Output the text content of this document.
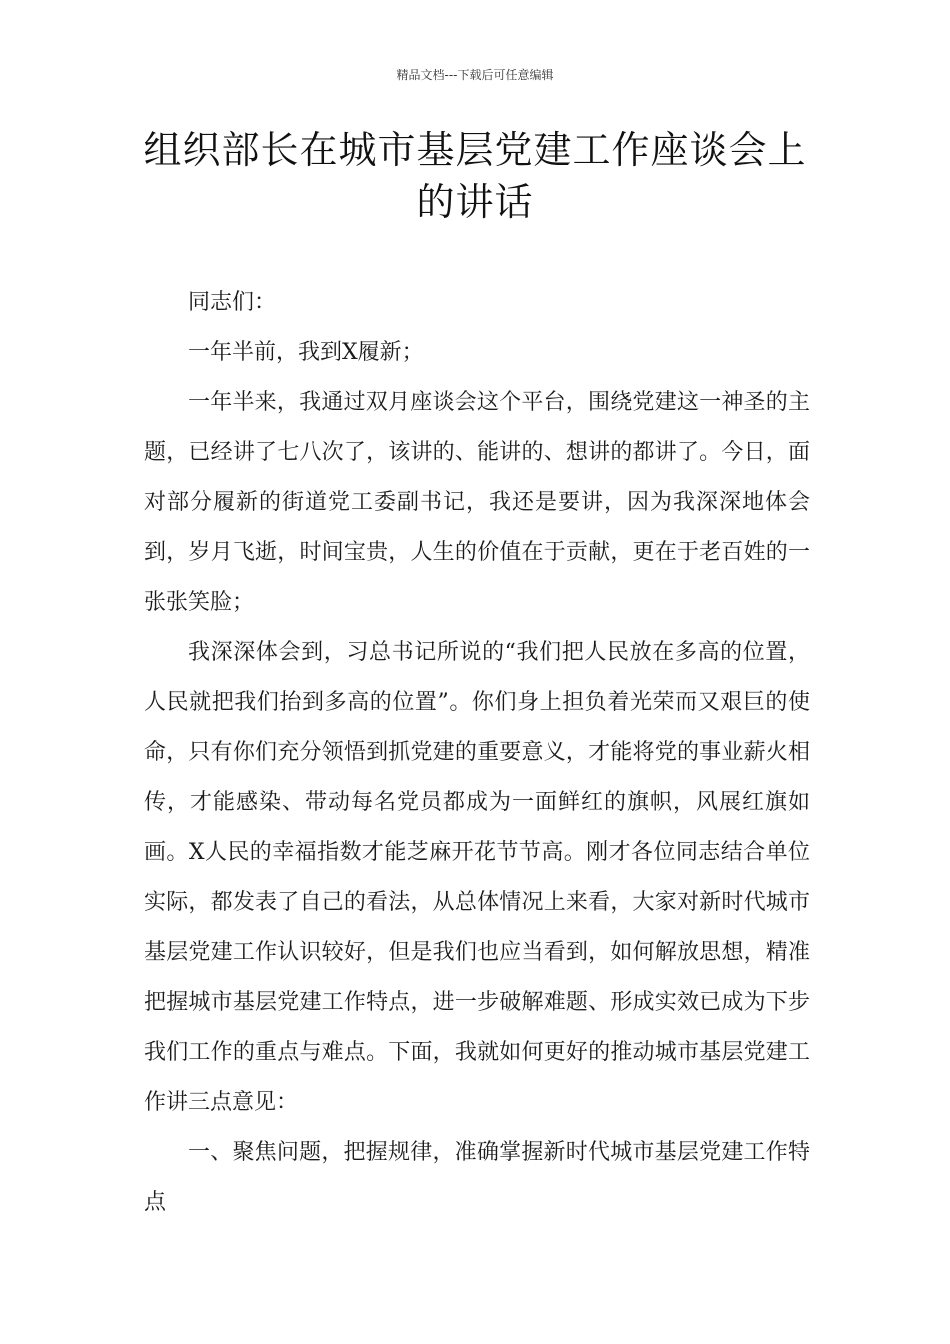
精品文档---下载后可任意编辑
组织部长在城市基层党建工作座谈会上的讲话

同志们：

一年半前，我到X履新；

一年半来，我通过双月座谈会这个平台，围绕党建这一神圣的主题，已经讲了七八次了，该讲的、能讲的、想讲的都讲了。今日，面对部分履新的街道党工委副书记，我还是要讲，因为我深深地体会到，岁月飞逝，时间宝贵，人生的价值在于贡献，更在于老百姓的一张张笑脸；

我深深体会到，习总书记所说的“我们把人民放在多高的位置，人民就把我们抬到多高的位置”。你们身上担负着光荣而又艰巨的使命，只有你们充分领悟到抓党建的重要意义，才能将党的事业薪火相传，才能感染、带动每名党员都成为一面鲜红的旗帜，风展红旗如画。X人民的幸福指数才能芝麻开花节节高。刚才各位同志结合单位实际，都发表了自己的看法，从总体情况上来看，大家对新时代城市基层党建工作认识较好，但是我们也应当看到，如何解放思想，精准把握城市基层党建工作特点，进一步破解难题、形成实效已成为下步我们工作的重点与难点。下面，我就如何更好的推动城市基层党建工作讲三点意见：

一、聚焦问题，把握规律，准确掌握新时代城市基层党建工作特点
